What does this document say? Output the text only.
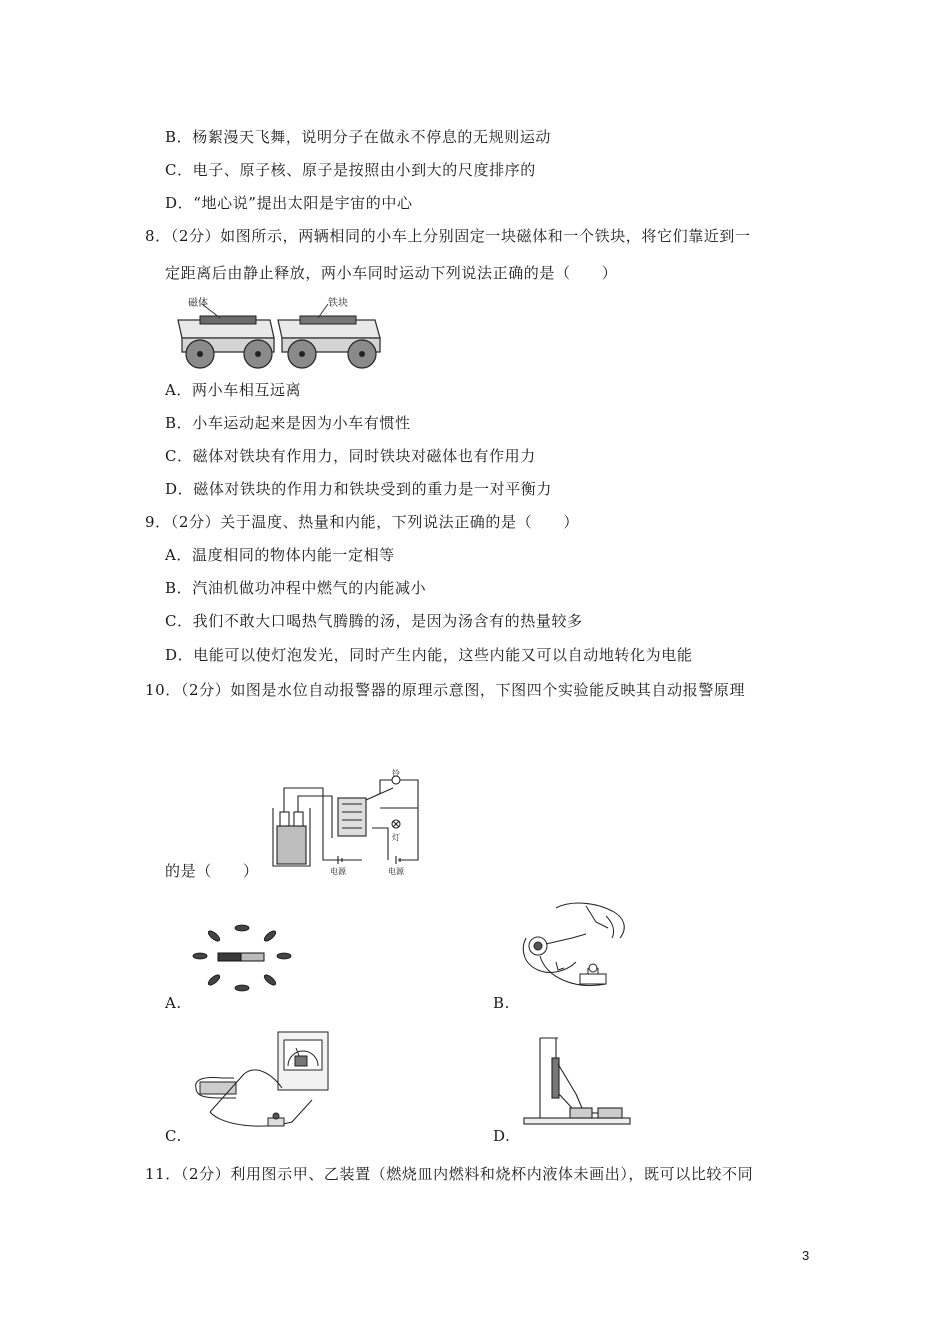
B．杨絮漫天飞舞，说明分子在做永不停息的无规则运动
C．电子、原子核、原子是按照由小到大的尺度排序的
D．“地心说”提出太阳是宇宙的中心
8．（2分）如图所示，两辆相同的小车上分别固定一块磁体和一个铁块，将它们靠近到一
定距离后由静止释放，两小车同时运动下列说法正确的是（　　）
磁体	铁块
A．两小车相互远离
B．小车运动起来是因为小车有惯性
C．磁体对铁块有作用力，同时铁块对磁体也有作用力
D．磁体对铁块的作用力和铁块受到的重力是一对平衡力
9．（2分）关于温度、热量和内能，下列说法正确的是（　　）
A．温度相同的物体内能一定相等
B．汽油机做功冲程中燃气的内能减小
C．我们不敢大口喝热气腾腾的汤，是因为汤含有的热量较多
D．电能可以使灯泡发光，同时产生内能，这些内能又可以自动地转化为电能
10．（2分）如图是水位自动报警器的原理示意图，下图四个实验能反映其自动报警原理
铃
灯
电源	电源
的是（　　）
A.	B.
C.	D.
11．（2分）利用图示甲、乙装置（燃烧皿内燃料和烧杯内液体未画出），既可以比较不同
3
